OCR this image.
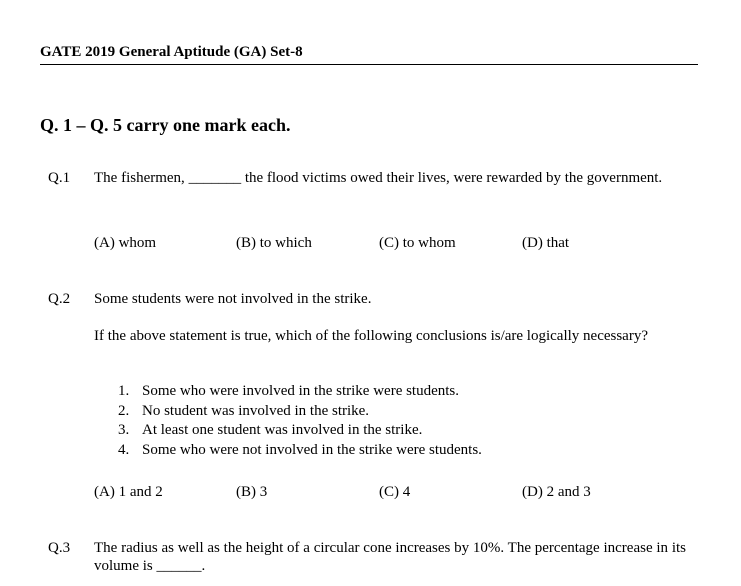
GATE 2019 General Aptitude (GA) Set-8
Q. 1 – Q. 5 carry one mark each.
Q.1 The fishermen, _______ the flood victims owed their lives, were rewarded by the government.
(A) whom	(B) to which	(C) to whom	(D) that
Q.2 Some students were not involved in the strike.
If the above statement is true, which of the following conclusions is/are logically necessary?
1. Some who were involved in the strike were students.
2. No student was involved in the strike.
3. At least one student was involved in the strike.
4. Some who were not involved in the strike were students.
(A) 1 and 2	(B) 3	(C) 4	(D) 2 and 3
Q.3 The radius as well as the height of a circular cone increases by 10%. The percentage increase in its volume is ______.
